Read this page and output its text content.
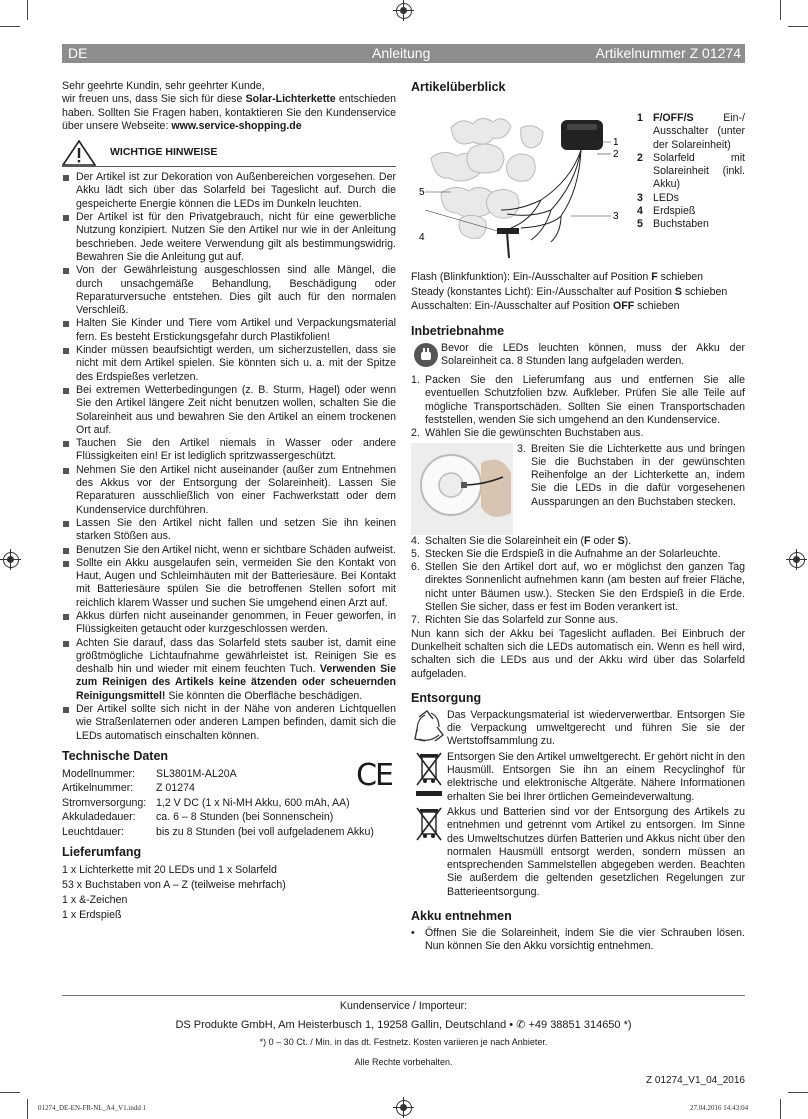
DE	Anleitung	Artikelnummer Z 01274

Sehr geehrte Kundin, sehr geehrter Kunde,

wir freuen uns, dass Sie sich für diese Solar-Lichterkette entschieden haben. Sollten Sie Fragen haben, kontaktieren Sie den Kundenservice über unsere Webseite: www.service-shopping.de

WICHTIGE HINWEISE
Der Artikel ist zur Dekoration von Außenbereichen vorgesehen. Der Akku lädt sich über das Solarfeld bei Tageslicht auf. Durch die gespeicherte Energie können die LEDs im Dunkeln leuchten.
Der Artikel ist für den Privatgebrauch, nicht für eine gewerbliche Nutzung konzipiert. Nutzen Sie den Artikel nur wie in der Anleitung beschrieben. Jede weitere Verwendung gilt als bestimmungswidrig. Bewahren Sie die Anleitung gut auf.
Von der Gewährleistung ausgeschlossen sind alle Mängel, die durch unsachgemäße Behandlung, Beschädigung oder Reparaturversuche entstehen. Dies gilt auch für den normalen Verschleiß.
Halten Sie Kinder und Tiere vom Artikel und Verpackungsmaterial fern. Es besteht Erstickungsgefahr durch Plastikfolien!
Kinder müssen beaufsichtigt werden, um sicherzustellen, dass sie nicht mit dem Artikel spielen. Sie könnten sich u. a. mit der Spitze des Erdspießes verletzen.
Bei extremen Wetterbedingungen (z. B. Sturm, Hagel) oder wenn Sie den Artikel längere Zeit nicht benutzen wollen, schalten Sie die Solareinheit aus und bewahren Sie den Artikel an einem trockenen Ort auf.
Tauchen Sie den Artikel niemals in Wasser oder andere Flüssigkeiten ein! Er ist lediglich spritzwassergeschützt.
Nehmen Sie den Artikel nicht auseinander (außer zum Entnehmen des Akkus vor der Entsorgung der Solareinheit). Lassen Sie Reparaturen ausschließlich von einer Fachwerkstatt oder dem Kundenservice durchführen.
Lassen Sie den Artikel nicht fallen und setzen Sie ihn keinen starken Stößen aus.
Benutzen Sie den Artikel nicht, wenn er sichtbare Schäden aufweist.
Sollte ein Akku ausgelaufen sein, vermeiden Sie den Kontakt von Haut, Augen und Schleimhäuten mit der Batteriesäure. Bei Kontakt mit Batteriesäure spülen Sie die betroffenen Stellen sofort mit reichlich klarem Wasser und suchen Sie umgehend einen Arzt auf.
Akkus dürfen nicht auseinander genommen, in Feuer geworfen, in Flüssigkeiten getaucht oder kurzgeschlossen werden.
Achten Sie darauf, dass das Solarfeld stets sauber ist, damit eine größtmögliche Lichtaufnahme gewährleistet ist. Reinigen Sie es deshalb hin und wieder mit einem feuchten Tuch. Verwenden Sie zum Reinigen des Artikels keine ätzenden oder scheuernden Reinigungsmittel! Sie könnten die Oberfläche beschädigen.
Der Artikel sollte sich nicht in der Nähe von anderen Lichtquellen wie Straßenlaternen oder anderen Lampen befinden, damit sich die LEDs automatisch einschalten können.
Technische Daten
CE
Modellnummer:	SL3801M-AL20A
Artikelnummer:	Z 01274
Stromversorgung:	1,2 V DC (1 x Ni-MH Akku, 600 mAh, AA)
Akkuladedauer:	ca. 6 – 8 Stunden (bei Sonnenschein)
Leuchtdauer:	bis zu 8 Stunden (bei voll aufgeladenem Akku)
Lieferumfang

1 x Lichterkette mit 20 LEDs und 1 x Solarfeld

53 x Buchstaben von A – Z (teilweise mehrfach)

1 x &-Zeichen

1 x Erdspieß

Artikelüberblick
1
2
3
4
5
1 F/OFF/S Ein-/ Ausschalter (unter der Solareinheit)
2 Solarfeld mit Solareinheit (inkl. Akku)
3 LEDs
4 Erdspieß
5 Buchstaben

Flash (Blinkfunktion): Ein-/Ausschalter auf Position F schieben

Steady (konstantes Licht): Ein-/Ausschalter auf Position S schieben

Ausschalten: Ein-/Ausschalter auf Position OFF schieben

Inbetriebnahme
Bevor die LEDs leuchten können, muss der Akku der Solareinheit ca. 8 Stunden lang aufgeladen werden.
1. Packen Sie den Lieferumfang aus und entfernen Sie alle eventuellen Schutzfolien bzw. Aufkleber. Prüfen Sie alle Teile auf mögliche Transportschäden. Sollten Sie einen Transportschaden feststellen, wenden Sie sich umgehend an den Kundenservice.
2. Wählen Sie die gewünschten Buchstaben aus.
3. Breiten Sie die Lichterkette aus und bringen Sie die Buchstaben in der gewünschten Reihenfolge an der Lichterkette an, indem Sie die LEDs in die dafür vorgesehenen Aussparungen an den Buchstaben stecken.
4. Schalten Sie die Solareinheit ein (F oder S).
5. Stecken Sie die Erdspieß in die Aufnahme an der Solarleuchte.
6. Stellen Sie den Artikel dort auf, wo er möglichst den ganzen Tag direktes Sonnenlicht aufnehmen kann (am besten auf freier Fläche, nicht unter Bäumen usw.). Stecken Sie den Erdspieß in die Erde. Stellen Sie sicher, dass er fest im Boden verankert ist.
7. Richten Sie das Solarfeld zur Sonne aus.

Nun kann sich der Akku bei Tageslicht aufladen. Bei Einbruch der Dunkelheit schalten sich die LEDs automatisch ein. Wenn es hell wird, schalten sich die LEDs aus und der Akku wird über das Solarfeld aufgeladen.

Entsorgung
Das Verpackungsmaterial ist wiederverwertbar. Entsorgen Sie die Verpackung umweltgerecht und führen Sie sie der Wertstoffsammlung zu.
Entsorgen Sie den Artikel umweltgerecht. Er gehört nicht in den Hausmüll. Entsorgen Sie ihn an einem Recyclinghof für elektrische und elektronische Altgeräte. Nähere Informationen erhalten Sie bei Ihrer örtlichen Gemeindeverwaltung.
Akkus und Batterien sind vor der Entsorgung des Artikels zu entnehmen und getrennt vom Artikel zu entsorgen. Im Sinne des Umweltschutzes dürfen Batterien und Akkus nicht über den normalen Hausmüll entsorgt werden, sondern müssen an entsprechenden Sammelstellen abgegeben werden. Beachten Sie außerdem die geltenden gesetzlichen Regelungen zur Batterieentsorgung.
Akku entnehmen
• Öffnen Sie die Solareinheit, indem Sie die vier Schrauben lösen. Nun können Sie den Akku vorsichtig entnehmen.

Kundenservice / Importeur:

DS Produkte GmbH, Am Heisterbusch 1, 19258 Gallin, Deutschland • ✆ +49 38851 314650 *)

*) 0 – 30 Ct. / Min. in das dt. Festnetz. Kosten variieren je nach Anbieter.

Alle Rechte vorbehalten.

Z 01274_V1_04_2016

01274_DE-EN-FR-NL_A4_V1.indd 1	27.04.2016 14:43:04
